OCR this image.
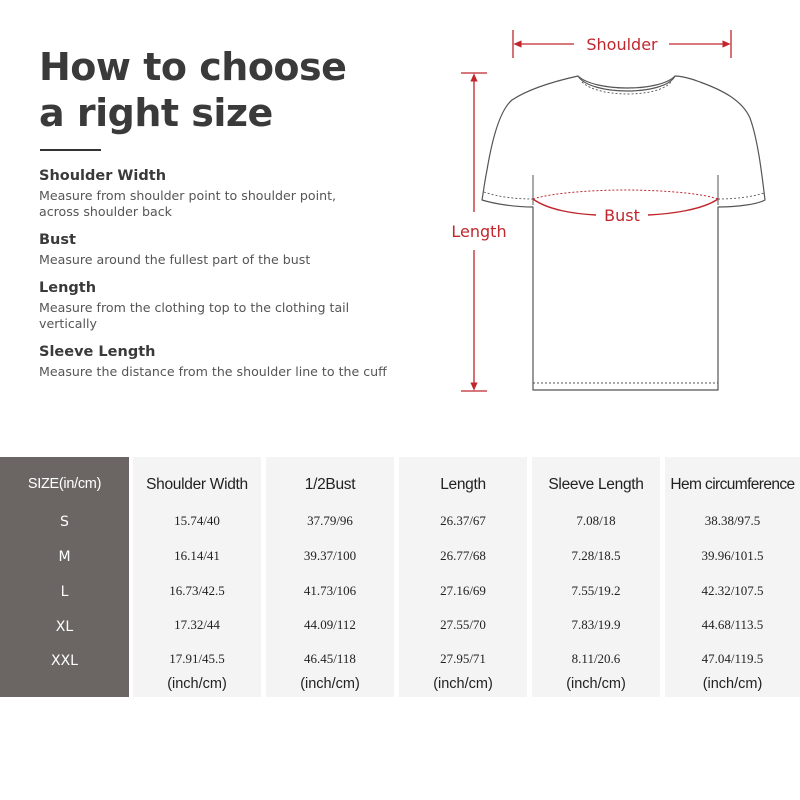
How to choose
a right size
Shoulder Width
Measure from shoulder point to shoulder point,
across shoulder back
Bust
Measure around the fullest part of the bust
Length
Measure from the clothing top to the clothing tail
vertically
Sleeve Length
Measure the distance from the shoulder line to the cuff
Shoulder
Bust
Length
SIZE(in/cm)
S
M
L
XL
XXL
Shoulder Width
15.74/40
16.14/41
16.73/42.5
17.32/44
17.91/45.5
(inch/cm)
1/2Bust
37.79/96
39.37/100
41.73/106
44.09/112
46.45/118
(inch/cm)
Length
26.37/67
26.77/68
27.16/69
27.55/70
27.95/71
(inch/cm)
Sleeve Length
7.08/18
7.28/18.5
7.55/19.2
7.83/19.9
8.11/20.6
(inch/cm)
Hem circumference
38.38/97.5
39.96/101.5
42.32/107.5
44.68/113.5
47.04/119.5
(inch/cm)
